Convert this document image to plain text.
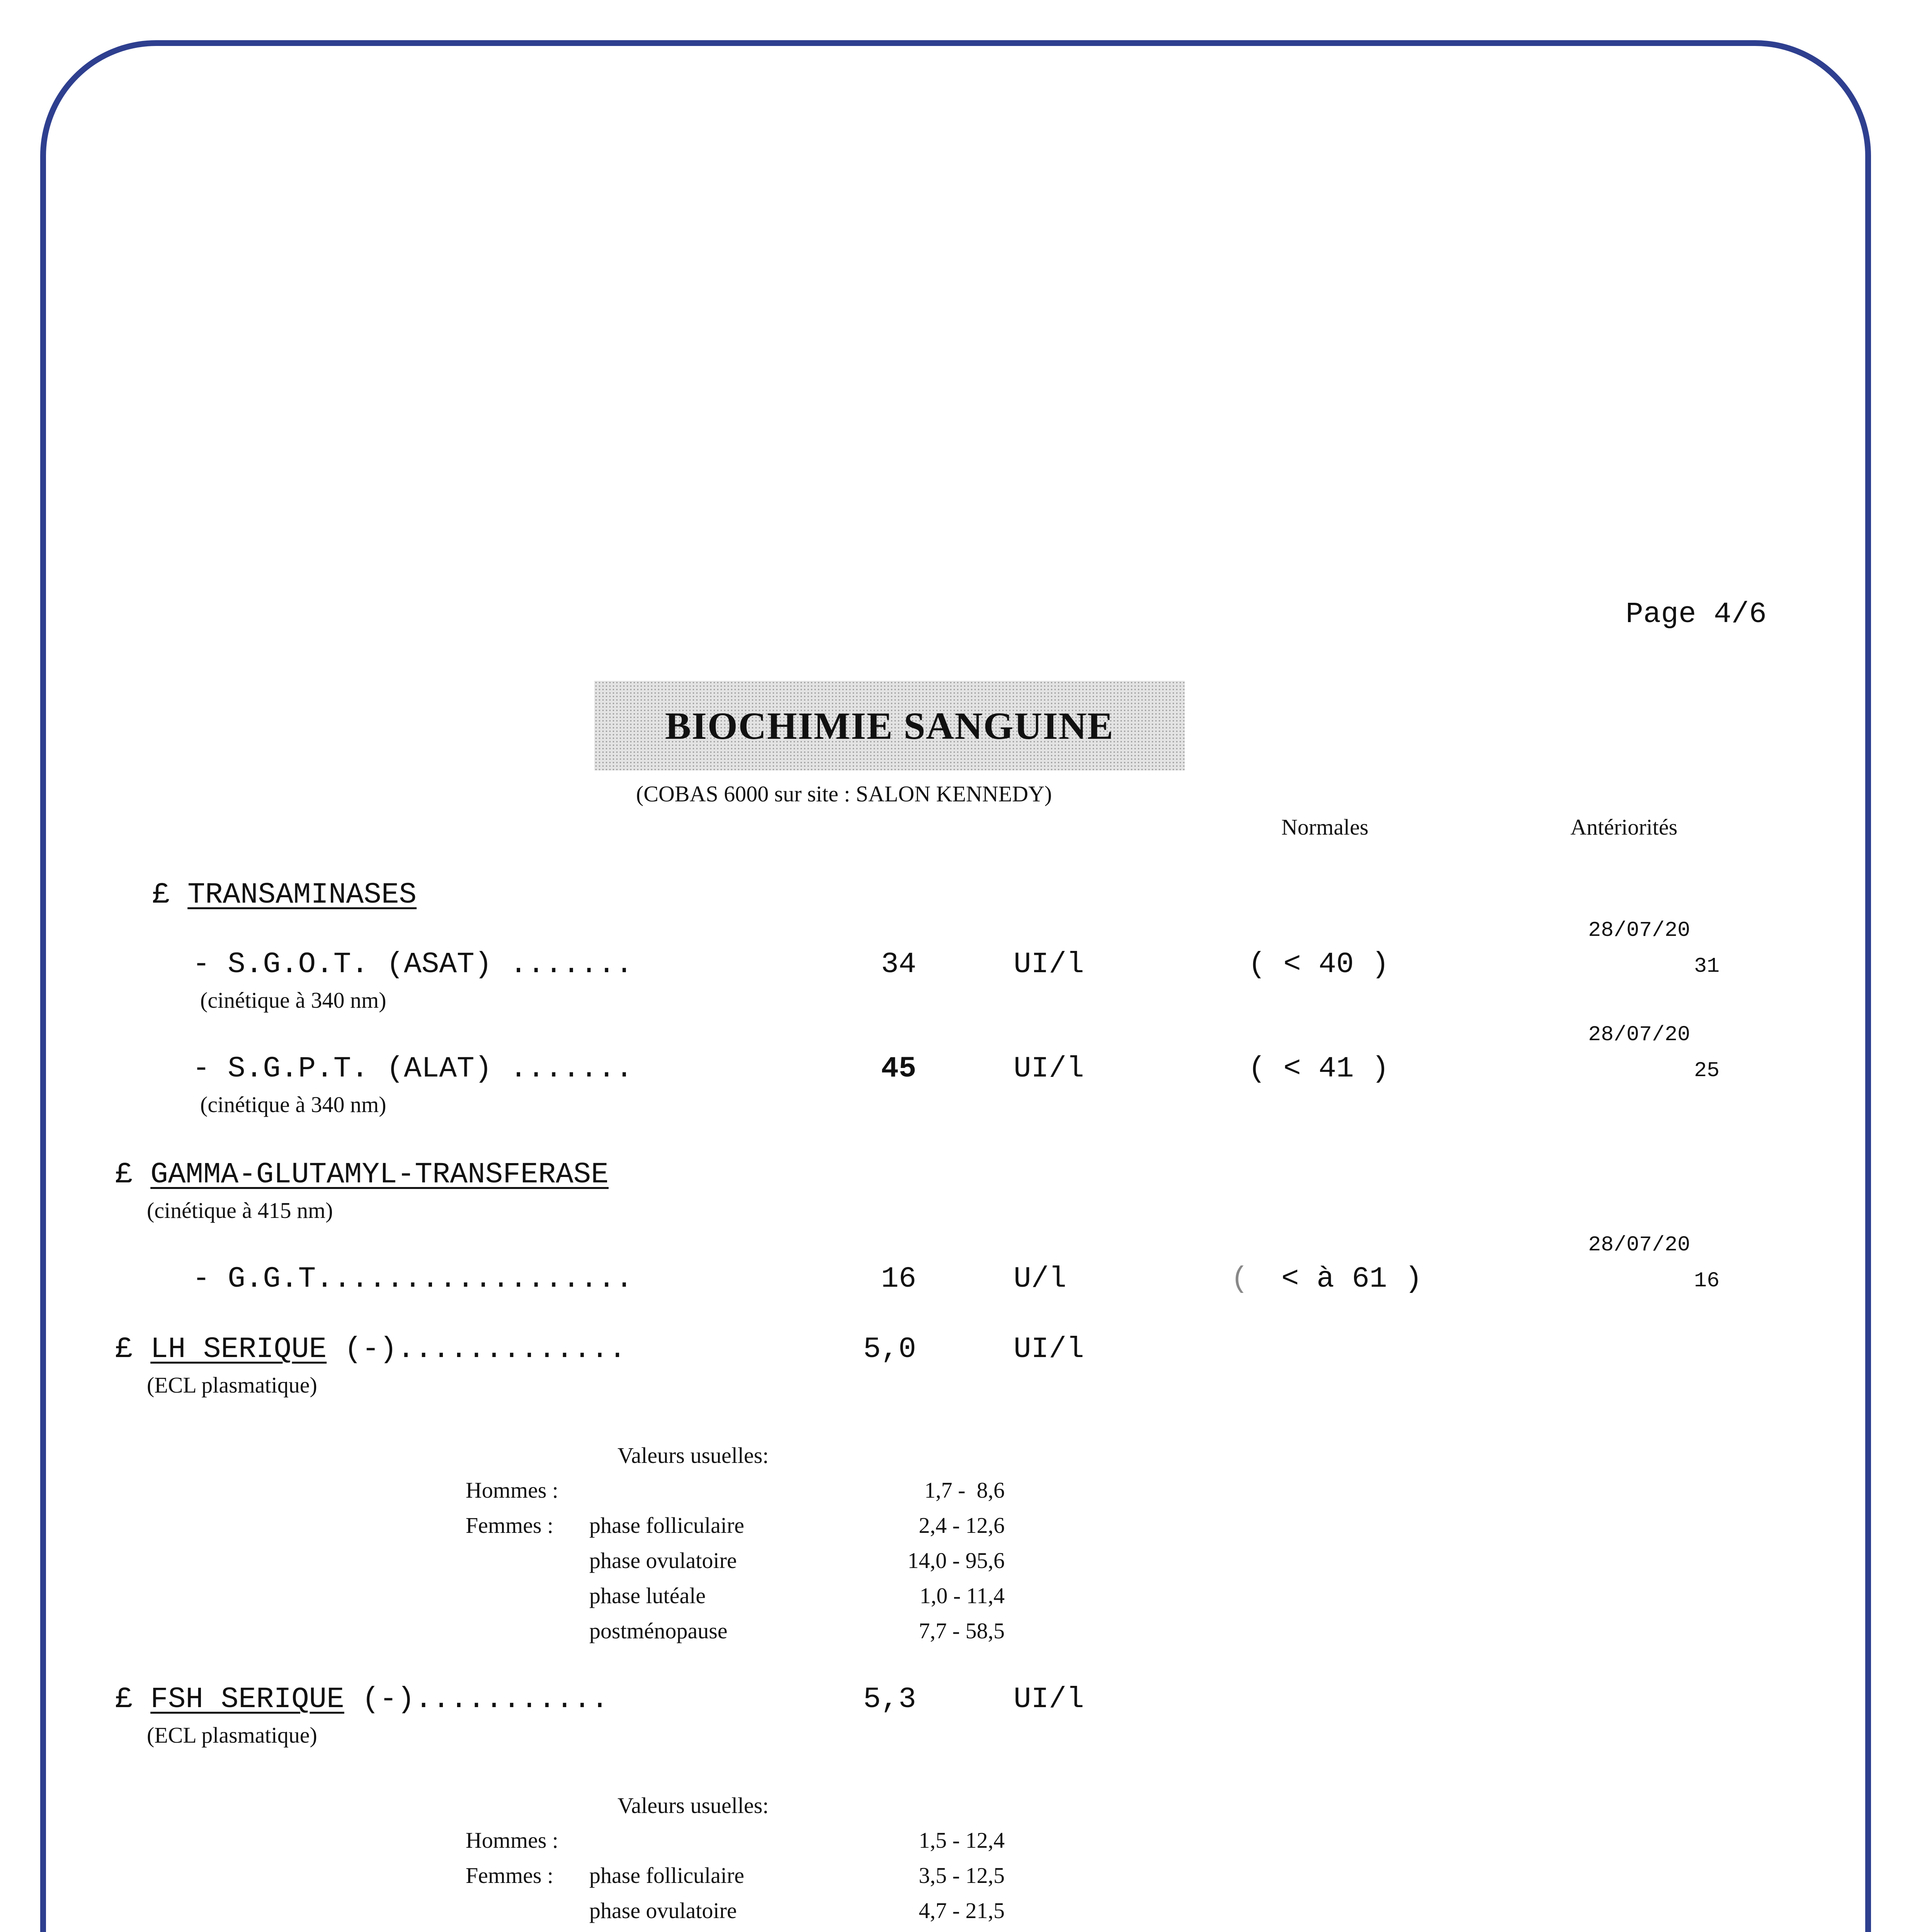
Page 4/6
BIOCHIMIE SANGUINE
(COBAS 6000 sur site : SALON KENNEDY)
Normales	Antériorités
£ TRANSAMINASES
28/07/20
- S.G.O.T. (ASAT) .......	34	UI/l	( < 40 )	31
(cinétique à 340 nm)
28/07/20
- S.G.P.T. (ALAT) .......	45	UI/l	( < 41 )	25
(cinétique à 340 nm)
£ GAMMA-GLUTAMYL-TRANSFERASE
(cinétique à 415 nm)
28/07/20
- G.G.T..................	16	U/l	( < à 61 )	16
£ LH SERIQUE (-).............	5,0	UI/l
(ECL plasmatique)
Valeurs usuelles:
Hommes :	1,7 -  8,6
Femmes : phase folliculaire	2,4 - 12,6
phase ovulatoire	14,0 - 95,6
phase lutéale	1,0 - 11,4
postménopause	7,7 - 58,5
£ FSH SERIQUE (-)...........	5,3	UI/l
(ECL plasmatique)
Valeurs usuelles:
Hommes :	1,5 - 12,4
Femmes : phase folliculaire	3,5 - 12,5
phase ovulatoire	4,7 - 21,5
